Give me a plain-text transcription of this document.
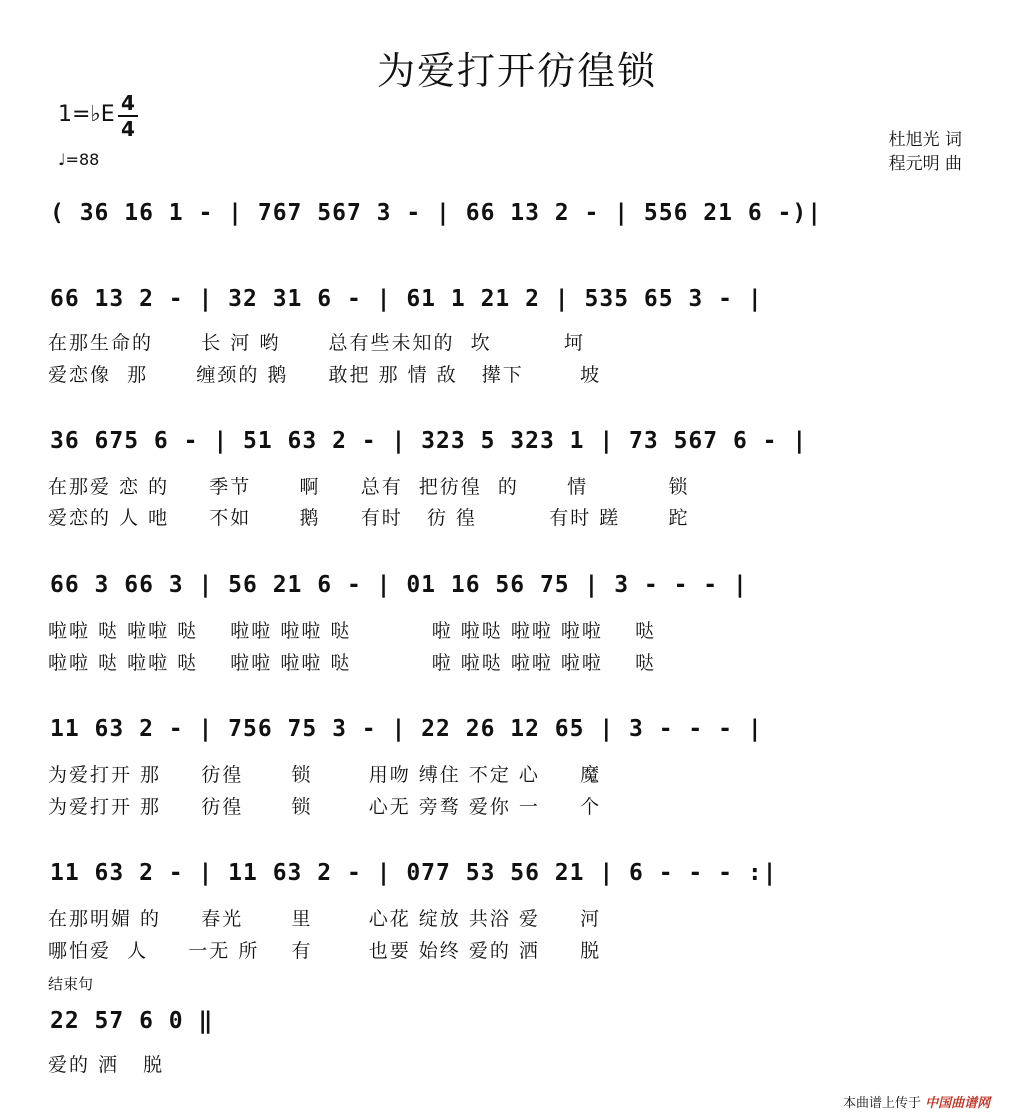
为爱打开彷徨锁
1=♭E 4
4
♩=88
杜旭光 词
程元明 曲
( 36 16 1 - | 767 567 3 - | 66 13 2 - | 556 21 6 -)|
66 13 2 - | 32 31 6 - | 61 1 21 2 | 535 65 3 - |
在那生命的      长 河 哟      总有些未知的  坎         坷
爱恋像  那      缠颈的 鹅     敢把 那 情 敌   撵下       坡
36 675 6 - | 51 63 2 - | 323 5 323 1 | 73 567 6 - |
在那爱 恋 的     季节      啊     总有  把彷徨  的      情          锁
爱恋的 人 吔     不如      鹅     有时   彷 徨         有时 蹉      跎
66 3 66 3 | 56 21 6 - | 01 16 56 75 | 3 - - - |
啦啦 哒 啦啦 哒    啦啦 啦啦 哒          啦 啦哒 啦啦 啦啦    哒
啦啦 哒 啦啦 哒    啦啦 啦啦 哒          啦 啦哒 啦啦 啦啦    哒
11 63 2 - | 756 75 3 - | 22 26 12 65 | 3 - - - |
为爱打开 那     彷徨      锁       用吻 缚住 不定 心     魔
为爱打开 那     彷徨      锁       心无 旁骛 爱你 一     个
11 63 2 - | 11 63 2 - | 077 53 56 21 | 6 - - - :|
在那明媚 的     春光      里       心花 绽放 共浴 爱     河
哪怕爱  人     一无 所    有       也要 始终 爱的 洒     脱
结束句
22 57 6 0 ‖
爱的 洒   脱
本曲谱上传于 中国曲谱网
